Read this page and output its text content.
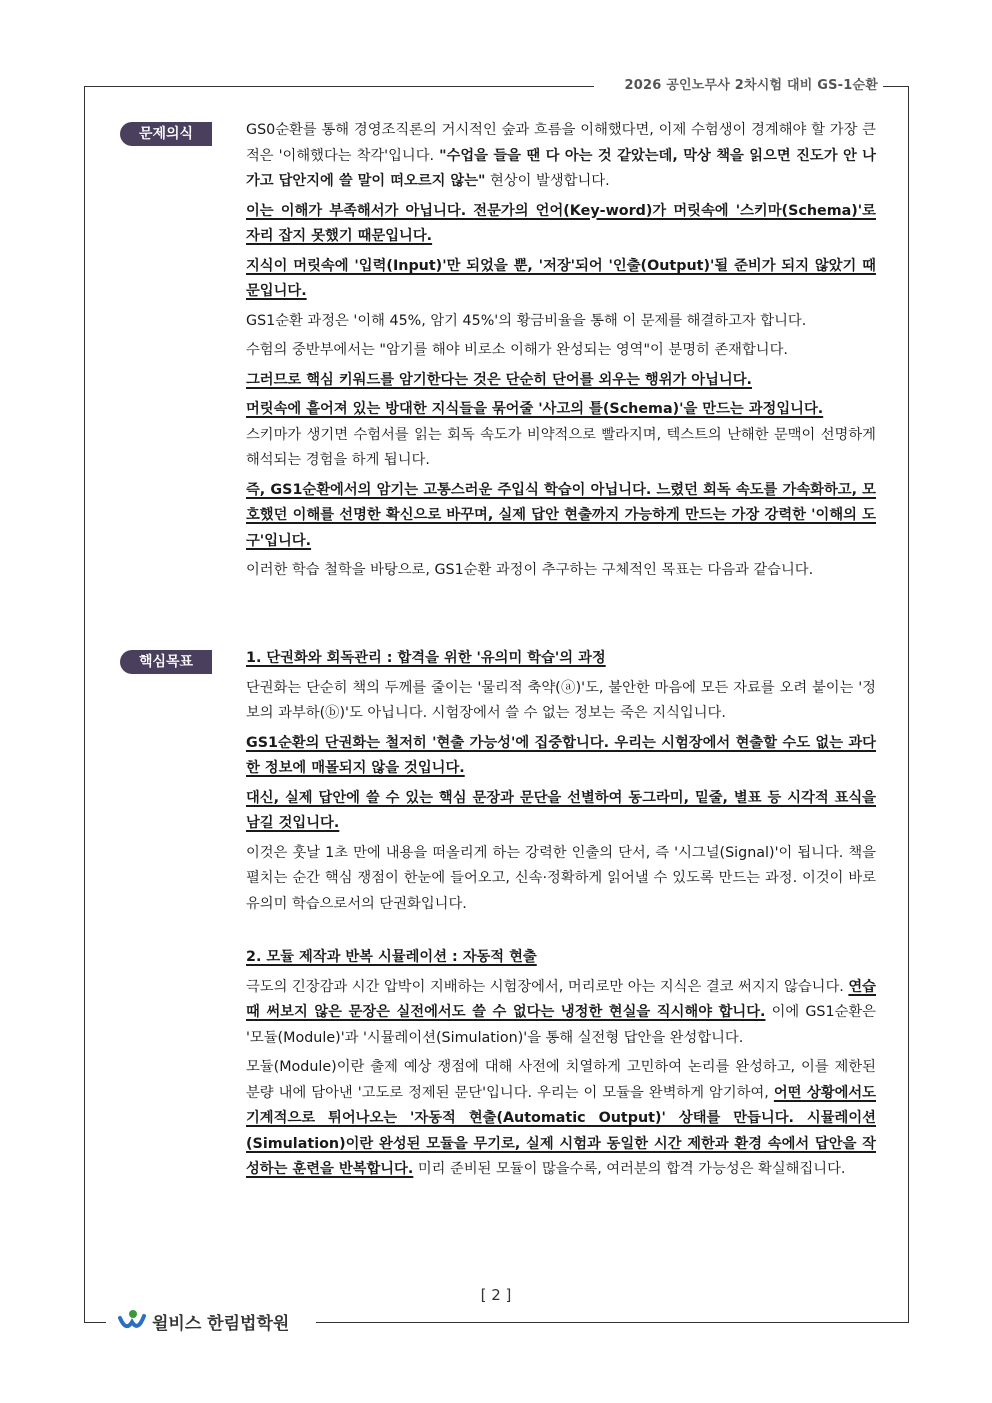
2026 공인노무사 2차시험 대비 GS-1순환
문제의식	GS0순환를 통해 경영조직론의 거시적인 숲과 흐름을 이해했다면, 이제 수험생이 경계해야 할 가장 큰 적은 '이해했다는 착각'입니다. "수업을 들을 땐 다 아는 것 같았는데, 막상 책을 읽으면 진도가 안 나가고 답안지에 쓸 말이 떠오르지 않는" 현상이 발생합니다.

이는 이해가 부족해서가 아닙니다. 전문가의 언어(Key-word)가 머릿속에 '스키마(Schema)'로 자리 잡지 못했기 때문입니다.

지식이 머릿속에 '입력(Input)'만 되었을 뿐, '저장'되어 '인출(Output)'될 준비가 되지 않았기 때문입니다.

GS1순환 과정은 '이해 45%, 암기 45%'의 황금비율을 통해 이 문제를 해결하고자 합니다.

수험의 중반부에서는 "암기를 해야 비로소 이해가 완성되는 영역"이 분명히 존재합니다.

그러므로 핵심 키워드를 암기한다는 것은 단순히 단어를 외우는 행위가 아닙니다.

머릿속에 흩어져 있는 방대한 지식들을 묶어줄 '사고의 틀(Schema)'을 만드는 과정입니다.
스키마가 생기면 수험서를 읽는 회독 속도가 비약적으로 빨라지며, 텍스트의 난해한 문맥이 선명하게 해석되는 경험을 하게 됩니다.

즉, GS1순환에서의 암기는 고통스러운 주입식 학습이 아닙니다. 느렸던 회독 속도를 가속화하고, 모호했던 이해를 선명한 확신으로 바꾸며, 실제 답안 현출까지 가능하게 만드는 가장 강력한 '이해의 도구'입니다.

이러한 학습 철학을 바탕으로, GS1순환 과정이 추구하는 구체적인 목표는 다음과 같습니다.

핵심목표	1. 단권화와 회독관리 : 합격을 위한 '유의미 학습'의 과정

단권화는 단순히 책의 두께를 줄이는 '물리적 축약(ⓐ)'도, 불안한 마음에 모든 자료를 오려 붙이는 '정보의 과부하(ⓑ)'도 아닙니다. 시험장에서 쓸 수 없는 정보는 죽은 지식입니다.

GS1순환의 단권화는 철저히 '현출 가능성'에 집중합니다. 우리는 시험장에서 현출할 수도 없는 과다한 정보에 매몰되지 않을 것입니다.

대신, 실제 답안에 쓸 수 있는 핵심 문장과 문단을 선별하여 동그라미, 밑줄, 별표 등 시각적 표식을 남길 것입니다.

이것은 훗날 1초 만에 내용을 떠올리게 하는 강력한 인출의 단서, 즉 '시그널(Signal)'이 됩니다. 책을 펼치는 순간 핵심 쟁점이 한눈에 들어오고, 신속·정확하게 읽어낼 수 있도록 만드는 과정. 이것이 바로 유의미 학습으로서의 단권화입니다.

2. 모듈 제작과 반복 시뮬레이션 : 자동적 현출

극도의 긴장감과 시간 압박이 지배하는 시험장에서, 머리로만 아는 지식은 결코 써지지 않습니다. 연습 때 써보지 않은 문장은 실전에서도 쓸 수 없다는 냉정한 현실을 직시해야 합니다. 이에 GS1순환은 '모듈(Module)'과 '시뮬레이션(Simulation)'을 통해 실전형 답안을 완성합니다.

모듈(Module)이란 출제 예상 쟁점에 대해 사전에 치열하게 고민하여 논리를 완성하고, 이를 제한된 분량 내에 담아낸 '고도로 정제된 문단'입니다. 우리는 이 모듈을 완벽하게 암기하여, 어떤 상황에서도 기계적으로 튀어나오는 '자동적 현출(Automatic Output)' 상태를 만듭니다. 시뮬레이션(Simulation)이란 완성된 모듈을 무기로, 실제 시험과 동일한 시간 제한과 환경 속에서 답안을 작성하는 훈련을 반복합니다. 미리 준비된 모듈이 많을수록, 여러분의 합격 가능성은 확실해집니다.

[ 2 ]
윌비스 한림법학원
